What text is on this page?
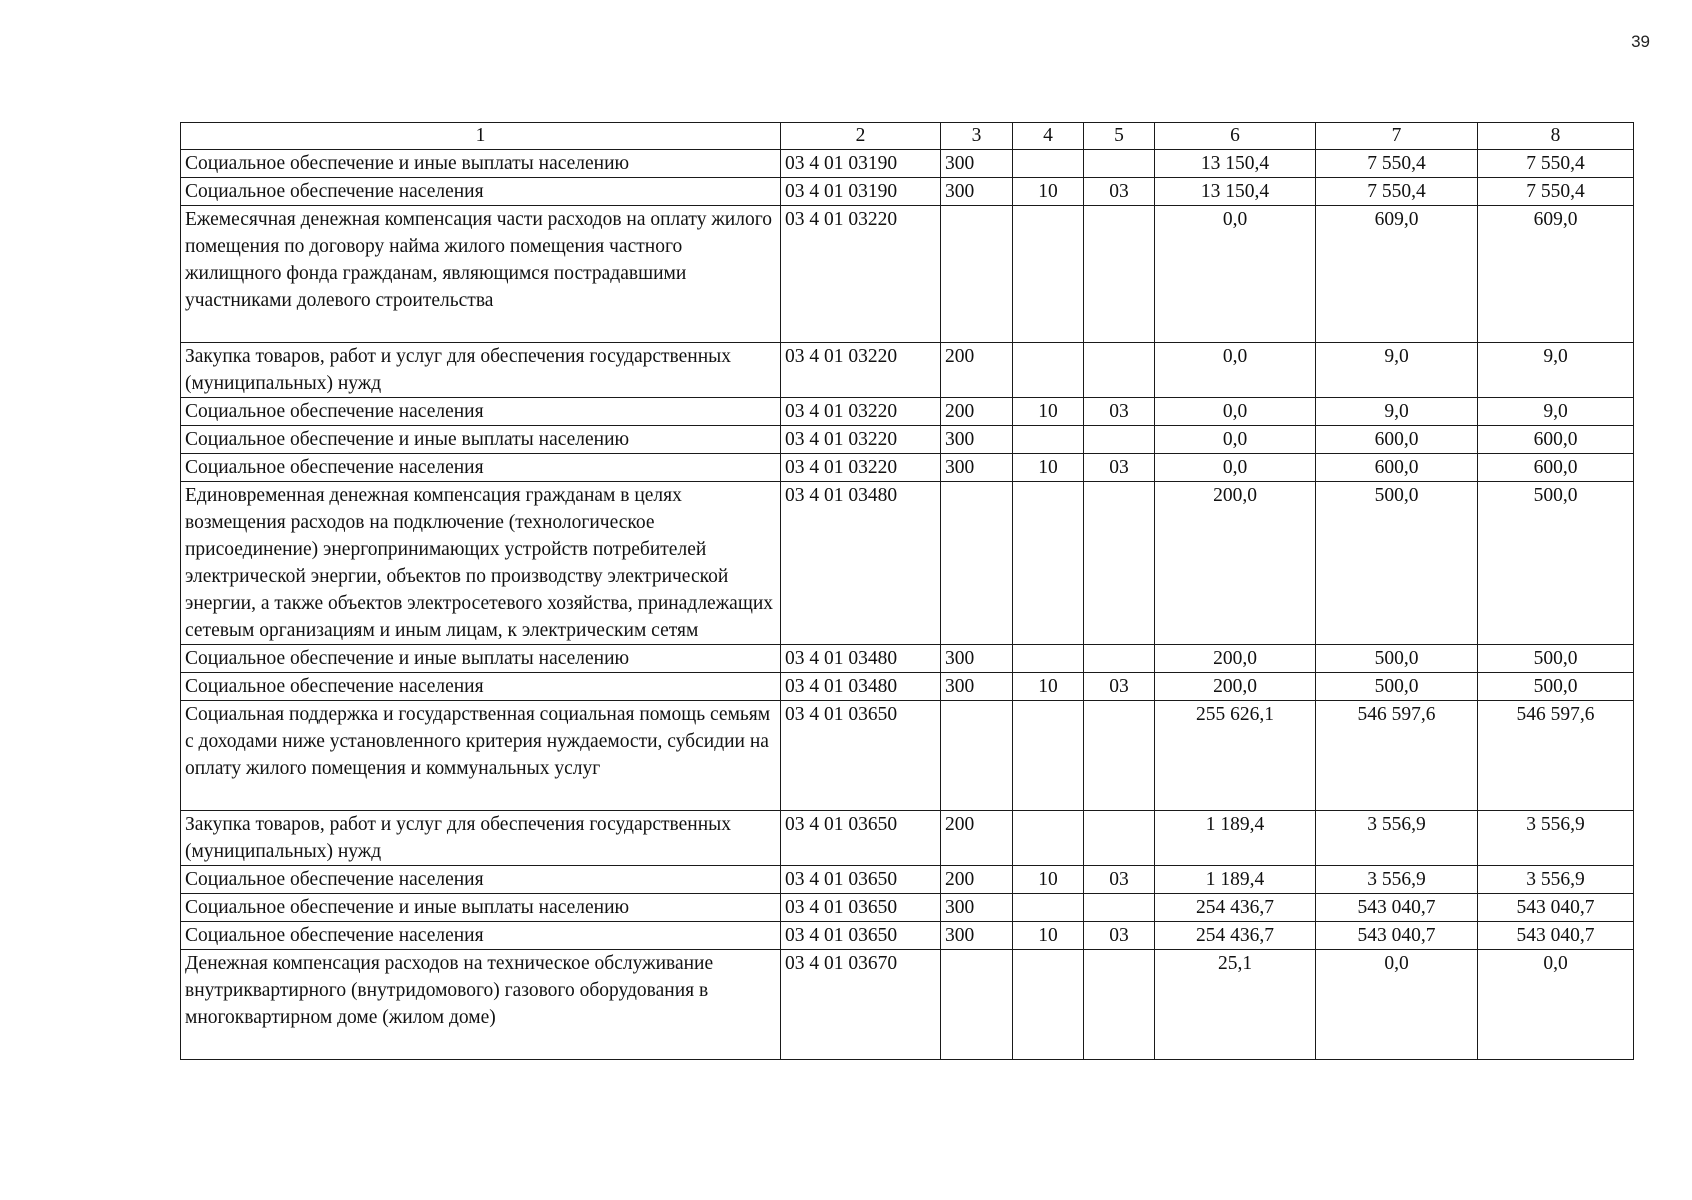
39
1	2	3	4	5	6	7	8
Социальное обеспечение и иные выплаты населению	03 4 01 03190	300			13 150,4	7 550,4	7 550,4
Социальное обеспечение населения	03 4 01 03190	300	10	03	13 150,4	7 550,4	7 550,4
Ежемесячная денежная компенсация части расходов на оплату жилого помещения по договору найма жилого помещения частного жилищного фонда гражданам, являющимся пострадавшими участниками долевого строительства	03 4 01 03220				0,0	609,0	609,0
Закупка товаров, работ и услуг для обеспечения государственных (муниципальных) нужд	03 4 01 03220	200			0,0	9,0	9,0
Социальное обеспечение населения	03 4 01 03220	200	10	03	0,0	9,0	9,0
Социальное обеспечение и иные выплаты населению	03 4 01 03220	300			0,0	600,0	600,0
Социальное обеспечение населения	03 4 01 03220	300	10	03	0,0	600,0	600,0
Единовременная денежная компенсация гражданам в целях возмещения расходов на подключение (технологическое присоединение) энергопринимающих устройств потребителей электрической энергии, объектов по производству электрической энергии, а также объектов электросетевого хозяйства, принадлежащих сетевым организациям и иным лицам, к электрическим сетям	03 4 01 03480				200,0	500,0	500,0
Социальное обеспечение и иные выплаты населению	03 4 01 03480	300			200,0	500,0	500,0
Социальное обеспечение населения	03 4 01 03480	300	10	03	200,0	500,0	500,0
Социальная поддержка и государственная социальная помощь семьям с доходами ниже установленного критерия нуждаемости, субсидии на оплату жилого помещения и коммунальных услуг	03 4 01 03650				255 626,1	546 597,6	546 597,6
Закупка товаров, работ и услуг для обеспечения государственных (муниципальных) нужд	03 4 01 03650	200			1 189,4	3 556,9	3 556,9
Социальное обеспечение населения	03 4 01 03650	200	10	03	1 189,4	3 556,9	3 556,9
Социальное обеспечение и иные выплаты населению	03 4 01 03650	300			254 436,7	543 040,7	543 040,7
Социальное обеспечение населения	03 4 01 03650	300	10	03	254 436,7	543 040,7	543 040,7
Денежная компенсация расходов на техническое обслуживание внутриквартирного (внутридомового) газового оборудования в многоквартирном доме (жилом доме)	03 4 01 03670				25,1	0,0	0,0
